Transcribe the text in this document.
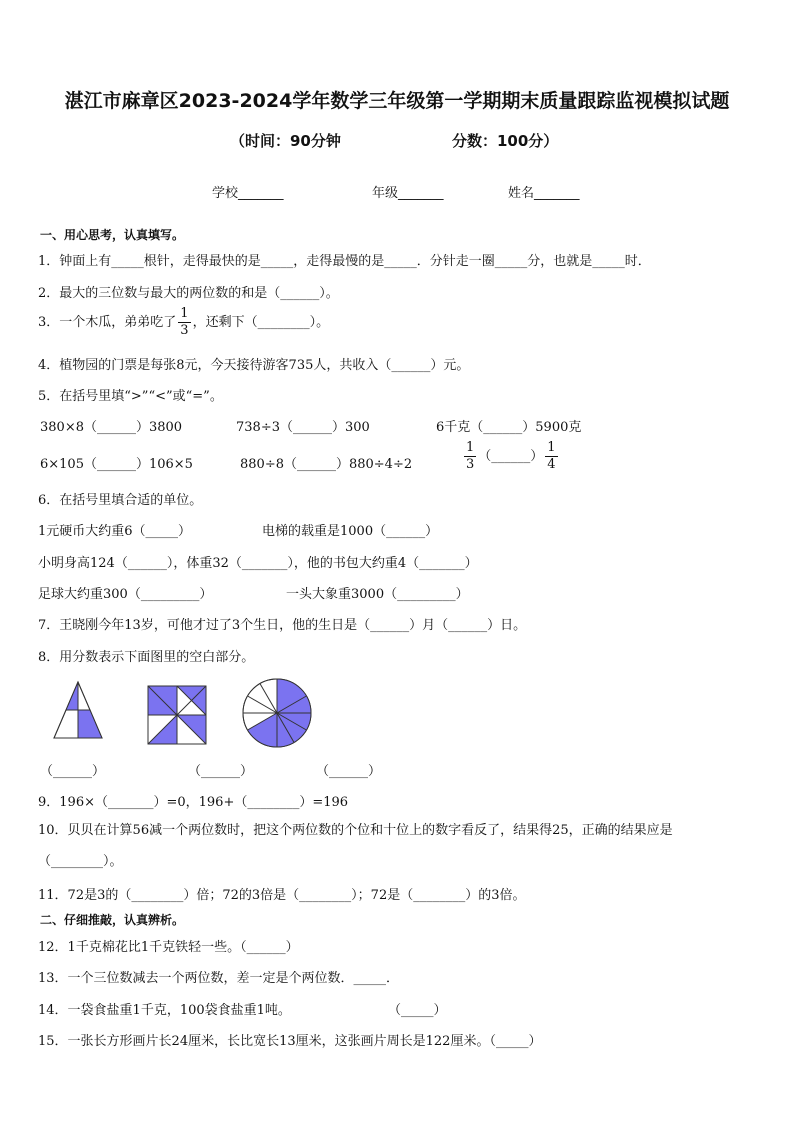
湛江市麻章区2023-2024学年数学三年级第一学期期末质量跟踪监视模拟试题
（时间：90分钟	分数：100分）
学校_______	年级_______	姓名_______
一、用心思考，认真填写。
1．钟面上有_____根针，走得最快的是_____，走得最慢的是_____．分针走一圈_____分，也就是_____时．
2．最大的三位数与最大的两位数的和是（______）。
3．一个木瓜，弟弟吃了 $\frac{1}{3}$ ，还剩下（________）。
4．植物园的门票是每张8元，今天接待游客735人，共收入（______）元。
5．在括号里填“>”“<”或“=”。
380×8（______）3800	738÷3（______）300	6千克（______）5900克
6×105（______）106×5	880÷8（______）880÷4÷2	$\frac{1}{3}$ （______） $\frac{1}{4}$
6．在括号里填合适的单位。
1元硬币大约重6（_____）	电梯的载重是1000（______）
小明身高124（______），体重32（_______），他的书包大约重4（_______）
足球大约重300（_________）	一头大象重3000（_________）
7．王晓刚今年13岁，可他才过了3个生日，他的生日是（______）月（______）日。
8．用分数表示下面图里的空白部分。
（______）	（______）	（______）
9．196×（_______）=0，196+（________）=196
10．贝贝在计算56减一个两位数时，把这个两位数的个位和十位上的数字看反了，结果得25，正确的结果应是（________）。
11．72是3的（________）倍；72的3倍是（________）；72是（________）的3倍。
二、仔细推敲，认真辨析。
12．1千克棉花比1千克铁轻一些。（______）
13．一个三位数减去一个两位数，差一定是个两位数．_____．
14．一袋食盐重1千克，100袋食盐重1吨。	（_____）
15．一张长方形画片长24厘米，长比宽长13厘米，这张画片周长是122厘米。（_____）
